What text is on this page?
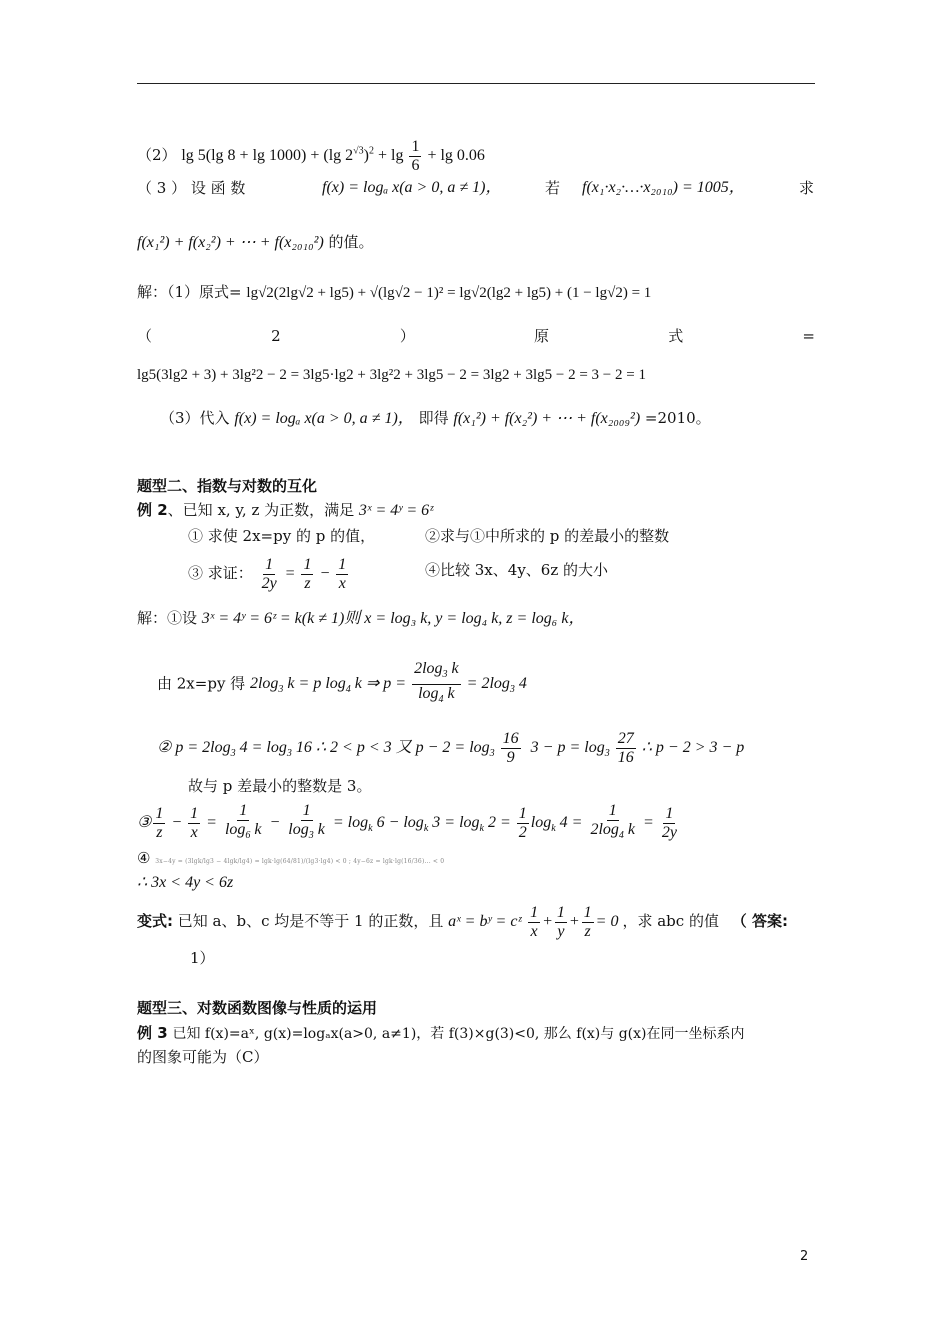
（2） lg 5(lg 8 + lg 1000) + (lg $2^{√3})^2 + \lg \frac{1}{6} + \lg 0.06$
（ 3 ） 设 函 数	f(x) = logₐ x(a > 0, a ≠ 1)，	若 f(x₁·x₂·…·x₂₀₁₀) = 1005，	求
f(x₁²) + f(x₂²) + ⋯ + f(x₂₀₁₀²) 的值。
解：（1）原式= lg√2(2lg√2 + lg5) + √(lg√2 − 1)² = lg√2(lg2 + lg5) + (1 − lg√2) = 1
（	2	）	原	式	=
lg5(3lg2 + 3) + 3lg²2 − 2 = 3lg5·lg2 + 3lg²2 + 3lg5 − 2 = 3lg2 + 3lg5 − 2 = 3 − 2 = 1
（3）代入 f(x) = logₐ x(a > 0, a ≠ 1)， 即得 f(x₁²) + f(x₂²) + ⋯ + f(x₂₀₀₉²) =2010。
题型二、指数与对数的互化
例 2、已知 x, y, z 为正数，满足 3ˣ = 4ʸ = 6ᶻ
① 求使 2x=py 的 p 的值，	②求与①中所求的 p 的差最小的整数
③ 求证： $\frac{1}{2y} = \frac{1}{z} - \frac{1}{x}$	④比较 3x、4y、6z 的大小
解：①设 3ˣ = 4ʸ = 6ᶻ = k(k ≠ 1)则 x = log₃ k, y = log₄ k, z = log₆ k，
由 2x=py 得 $2\log_3$ k = p $\log_4 k$ ⇒ $p = \frac{2\log_3 k}{\log_4 k} = 2\log_3$ 4
② $p = 2\log_3$ $4 = \log_3 16$ ∴ 2 < p < 3 又 $p - 2 = \log_3 \frac{16}{9} 3 - p = \log_3 \frac{27}{16}$ ∴ p − 2 > 3 − p
故与 p 差最小的整数是 3。
③ $\frac{1}{z} - \frac{1}{x} = \frac{1}{\log_6 k} - \frac{1}{\log_3 k} = \log_k 6 - \log_k 3 = \log_k 2 = \frac{1}{2} \log_k 4 = \frac{1}{2\log_4 k} = \frac{1}{2y}$
④ 3x−4y = (3lgk/lg3 − 4lgk/lg4) = lgk·lg(64/81)/(lg3·lg4) < 0 ; 4y−6z = lgk·lg(16/36)... < 0
∴ 3x < 4y < 6z
变式: 已知 a、b、c 均是不等于 1 的正数，且 aˣ = bʸ = cᶻ $\frac{1}{x} + \frac{1}{y} + \frac{1}{z} = 0$ ，求 abc 的值 （ 答案:
1）
题型三、对数函数图像与性质的运用
例 3 已知 f(x)=aˣ, g(x)=logₐx(a>0, a≠1)，若 f(3)×g(3)<0, 那么 f(x)与 g(x)在同一坐标系内
的图象可能为（C）
2
